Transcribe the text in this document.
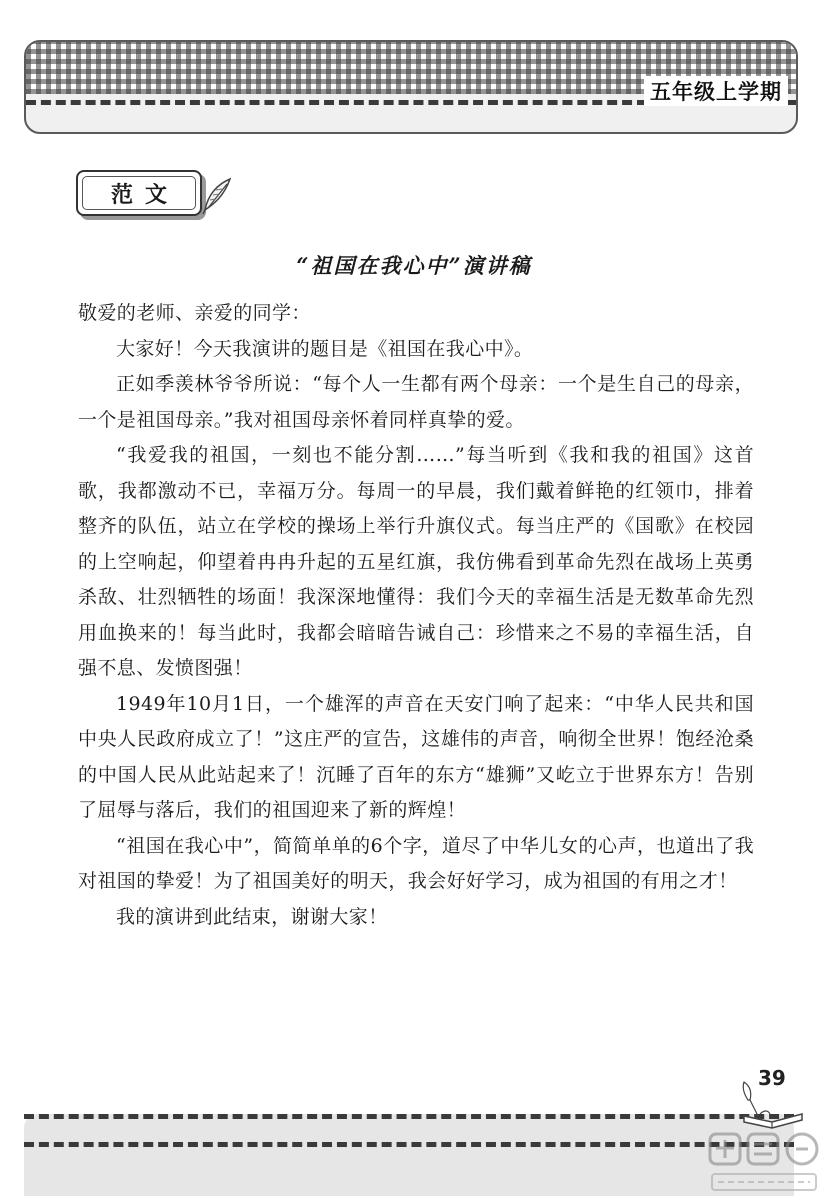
五年级上学期
范文
“祖国在我心中”演讲稿

敬爱的老师、亲爱的同学：

大家好！今天我演讲的题目是《祖国在我心中》。

正如季羡林爷爷所说：“每个人一生都有两个母亲：一个是生自己的母亲，一个是祖国母亲。”我对祖国母亲怀着同样真挚的爱。

“我爱我的祖国，一刻也不能分割……”每当听到《我和我的祖国》这首歌，我都激动不已，幸福万分。每周一的早晨，我们戴着鲜艳的红领巾，排着整齐的队伍，站立在学校的操场上举行升旗仪式。每当庄严的《国歌》在校园的上空响起，仰望着冉冉升起的五星红旗，我仿佛看到革命先烈在战场上英勇杀敌、壮烈牺牲的场面！我深深地懂得：我们今天的幸福生活是无数革命先烈用血换来的！每当此时，我都会暗暗告诫自己：珍惜来之不易的幸福生活，自强不息、发愤图强！

1949年10月1日，一个雄浑的声音在天安门响了起来：“中华人民共和国中央人民政府成立了！”这庄严的宣告，这雄伟的声音，响彻全世界！饱经沧桑的中国人民从此站起来了！沉睡了百年的东方“雄狮”又屹立于世界东方！告别了屈辱与落后，我们的祖国迎来了新的辉煌！

“祖国在我心中”，简简单单的6个字，道尽了中华儿女的心声，也道出了我对祖国的挚爱！为了祖国美好的明天，我会好好学习，成为祖国的有用之才！

我的演讲到此结束，谢谢大家！

39
